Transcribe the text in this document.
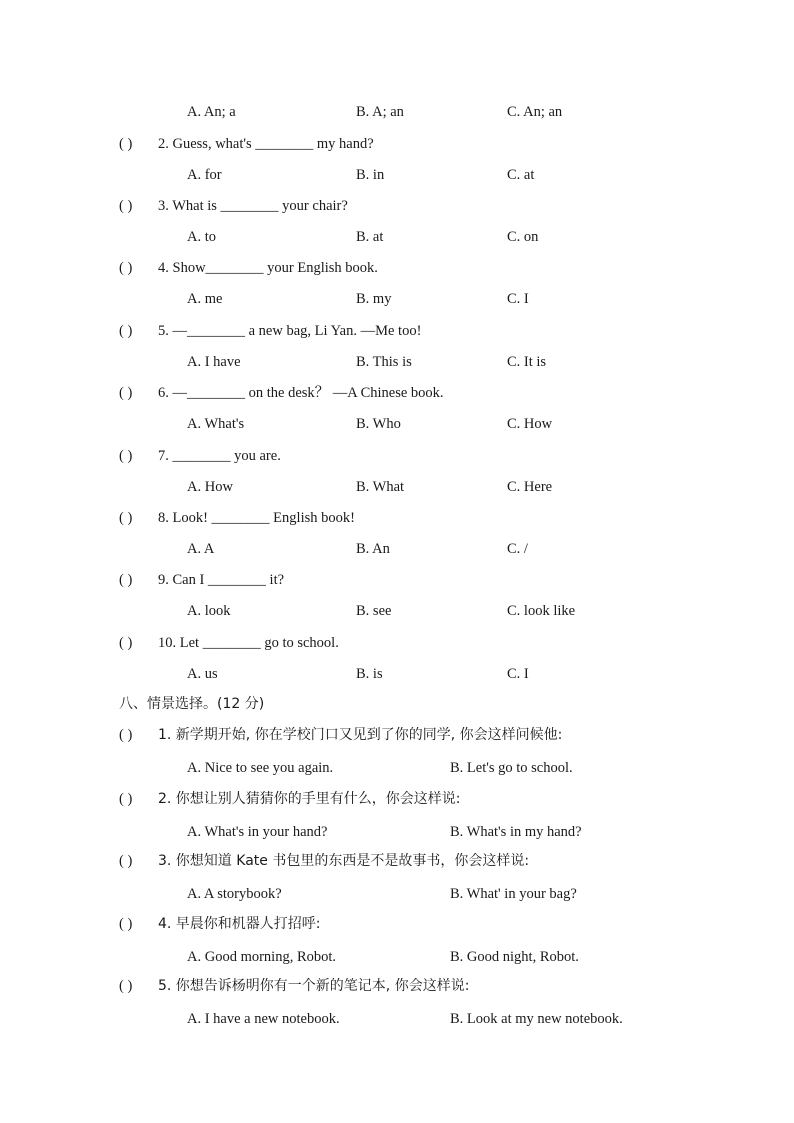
A. An; a	B. A; an	C. An; an
( ) 2. Guess, what's ________ my hand?
A. for	B. in	C. at
( ) 3. What is ________ your chair?
A. to	B. at	C. on
( ) 4. Show________ your English book.
A. me	B. my	C. I
( ) 5. —________ a new bag, Li Yan. —Me too!
A. I have	B. This is	C. It is
( ) 6. —________ on the desk？ —A Chinese book.
A. What's	B. Who	C. How
( ) 7. ________ you are.
A. How	B. What	C. Here
( ) 8. Look! ________ English book!
A. A	B. An	C. /
( ) 9. Can I ________ it?
A. look	B. see	C. look like
( ) 10. Let ________ go to school.
A. us	B. is	C. I
八、情景选择。(12 分)
( ) 1. 新学期开始, 你在学校门口又见到了你的同学, 你会这样问候他:
A. Nice to see you again.	B. Let's go to school.
( ) 2. 你想让别人猜猜你的手里有什么，你会这样说:
A. What's in your hand?	B. What's in my hand?
( ) 3. 你想知道 Kate 书包里的东西是不是故事书，你会这样说:
A. A storybook?	B. What' in your bag?
( ) 4. 早晨你和机器人打招呼:
A. Good morning, Robot.	B. Good night, Robot.
( ) 5. 你想告诉杨明你有一个新的笔记本, 你会这样说:
A. I have a new notebook.	B. Look at my new notebook.
